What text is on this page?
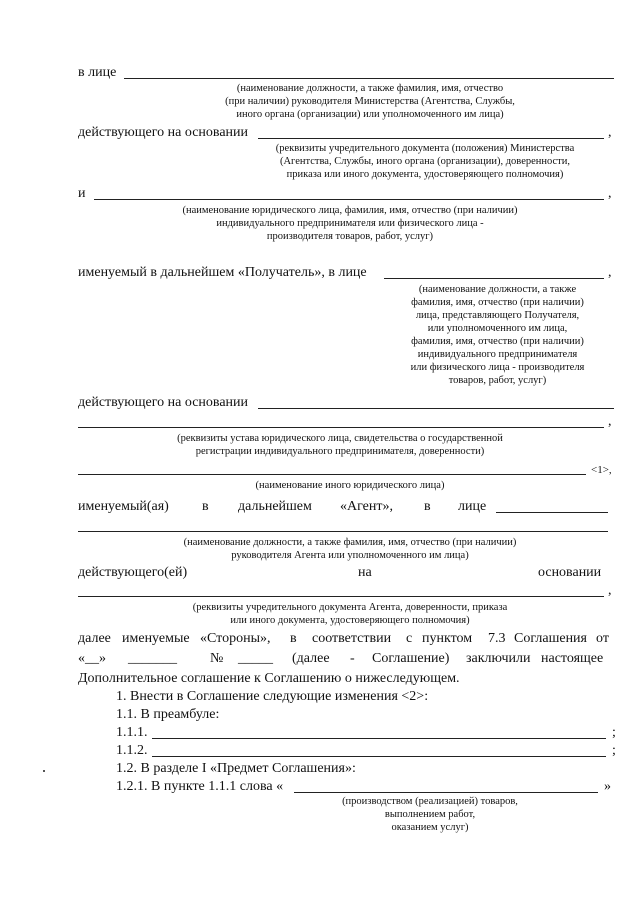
в лице
(наименование должности, а также фамилия, имя, отчество
(при наличии) руководителя Министерства (Агентства, Службы,
иного органа (организации) или уполномоченного им лица)
действующего на основании	,
(реквизиты учредительного документа (положения) Министерства
(Агентства, Службы, иного органа (организации), доверенности,
приказа или иного документа, удостоверяющего полномочия)
и	,
(наименование юридического лица, фамилия, имя, отчество (при наличии)
индивидуального предпринимателя или физического лица -
производителя товаров, работ, услуг)
именуемый в дальнейшем «Получатель», в лице	,
(наименование должности, а также
фамилия, имя, отчество (при наличии)
лица, представляющего Получателя,
или уполномоченного им лица,
фамилия, имя, отчество (при наличии)
индивидуального предпринимателя
или физического лица - производителя
товаров, работ, услуг)
действующего на основании
,
(реквизиты устава юридического лица, свидетельства о государственной
регистрации индивидуального предпринимателя, доверенности)
<1>,
(наименование иного юридического лица)
именуемый(ая) в дальнейшем «Агент», в лице
(наименование должности, а также фамилия, имя, отчество (при наличии)
руководителя Агента или уполномоченного им лица)
действующего(ей)	на	основании
,
(реквизиты учредительного документа Агента, доверенности, приказа
или иного документа, удостоверяющего полномочия)
далее именуемые «Стороны», в соответствии с пунктом 7.3 Соглашения от
«__» _______ № _____ (далее - Соглашение) заключили настоящее
Дополнительное соглашение к Соглашению о нижеследующем.
1. Внести в Соглашение следующие изменения <2>:
1.1. В преамбуле:
1.1.1.	;
1.1.2.	;
1.2. В разделе I «Предмет Соглашения»:
1.2.1. В пункте 1.1.1 слова «	»
(производством (реализацией) товаров,
выполнением работ,
оказанием услуг)
